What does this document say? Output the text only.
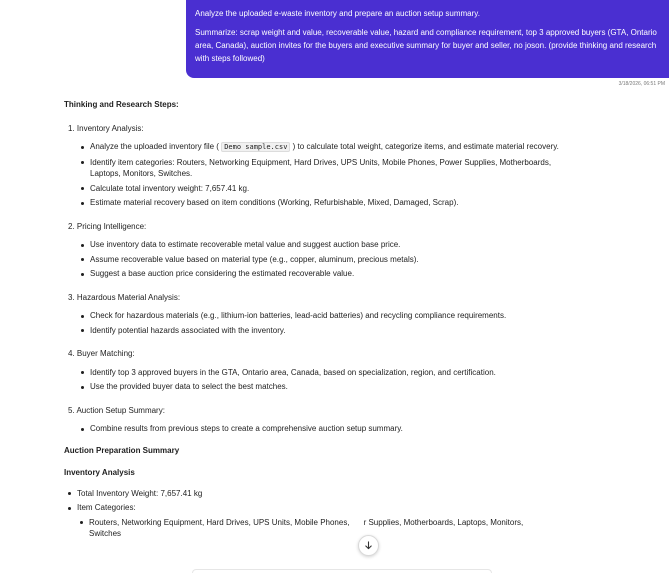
Analyze the uploaded e-waste inventory and prepare an auction setup summary.

Summarize: scrap weight and value, recoverable value, hazard and compliance requirement, top 3 approved buyers (GTA, Ontario area, Canada), auction invites for the buyers and executive summary for buyer and seller, no joson. (provide thinking and research with steps followed)

3/18/2026, 06:51 PM
Thinking and Research Steps:
1. Inventory Analysis:
Analyze the uploaded inventory file ( Demo sample.csv ) to calculate total weight, categorize items, and estimate material recovery.
Identify item categories: Routers, Networking Equipment, Hard Drives, UPS Units, Mobile Phones, Power Supplies, Motherboards, Laptops, Monitors, Switches.
Calculate total inventory weight: 7,657.41 kg.
Estimate material recovery based on item conditions (Working, Refurbishable, Mixed, Damaged, Scrap).
2. Pricing Intelligence:
Use inventory data to estimate recoverable metal value and suggest auction base price.
Assume recoverable value based on material type (e.g., copper, aluminum, precious metals).
Suggest a base auction price considering the estimated recoverable value.
3. Hazardous Material Analysis:
Check for hazardous materials (e.g., lithium-ion batteries, lead-acid batteries) and recycling compliance requirements.
Identify potential hazards associated with the inventory.
4. Buyer Matching:
Identify top 3 approved buyers in the GTA, Ontario area, Canada, based on specialization, region, and certification.
Use the provided buyer data to select the best matches.
5. Auction Setup Summary:
Combine results from previous steps to create a comprehensive auction setup summary.
Auction Preparation Summary
Inventory Analysis
Total Inventory Weight: 7,657.41 kg
Item Categories:
Routers, Networking Equipment, Hard Drives, UPS Units, Mobile Phones, r Supplies, Motherboards, Laptops, Monitors,
Switches
